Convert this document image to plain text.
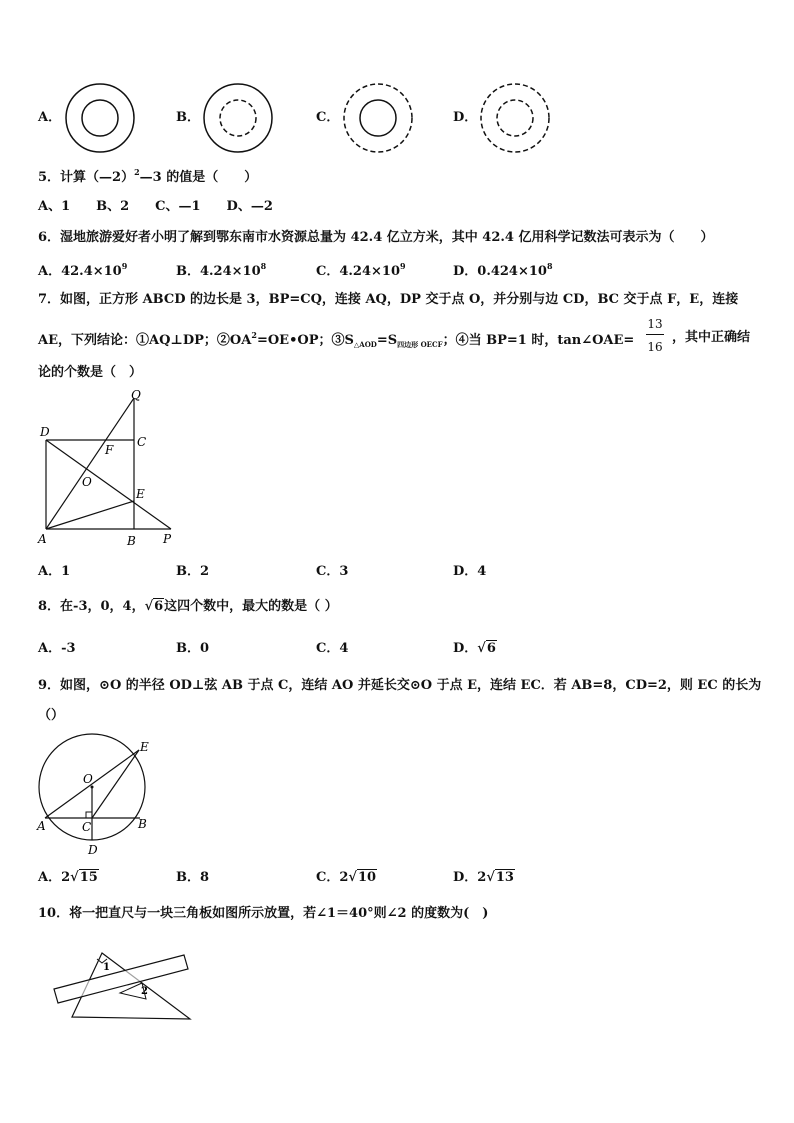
A．	B．	C．	D．
5．计算（—2）$^2$—3 的值是（　　）
A、1　　B、2　　C、—1　　D、—2
6．湿地旅游爱好者小明了解到鄂东南市水资源总量为 42.4 亿立方米，其中 42.4 亿用科学记数法可表示为（　　）
A．$42.4\times 10^9$	B．$4.24\times 10^8$	C．$4.24\times 10^9$	D．$0.424\times 10^8$
7．如图，正方形 ABCD 的边长是 3，BP=CQ，连接 AQ，DP 交于点 O，并分别与边 CD，BC 交于点 F，E，连接
AE，下列结论：①AQ⊥DP；$②OA^2=OE•OP$；$③S_{\triangle AOD}=S_{四边形 OECF}$；④当 BP=1 时，tan∠OAE=
13
16
，其中正确结
论的个数是（　）
Q
D
C
F
O
E
A	B P
A．1	B．2	C．3	D．4
8．在-3，0，4，√6这四个数中，最大的数是（ ）
A．-3	B．0	C．4	D．√6
9．如图，⊙O 的半径 OD⊥弦 AB 于点 C，连结 AO 并延长交⊙O 于点 E，连结 EC．若 AB=8，CD=2，则 EC 的长为
（）
E
O
A	C	B
D
A．2√15	B．8	C．2√10	D．2√13
10．将一把直尺与一块三角板如图所示放置，若∠1＝40°则∠2 的度数为(　)
1
2
